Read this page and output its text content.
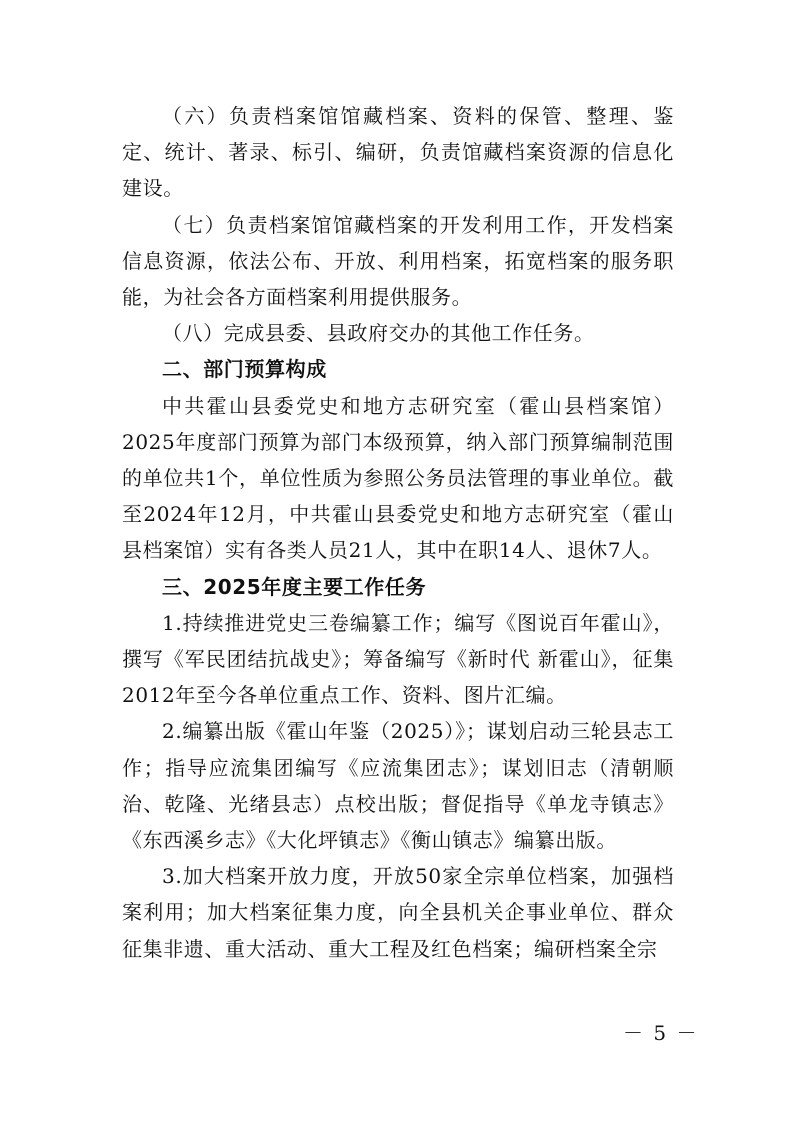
（六）负责档案馆馆藏档案、资料的保管、整理、鉴定、统计、著录、标引、编研，负责馆藏档案资源的信息化建设。

（七）负责档案馆馆藏档案的开发利用工作，开发档案信息资源，依法公布、开放、利用档案，拓宽档案的服务职能，为社会各方面档案利用提供服务。

（八）完成县委、县政府交办的其他工作任务。

二、部门预算构成

中共霍山县委党史和地方志研究室（霍山县档案馆）2025年度部门预算为部门本级预算，纳入部门预算编制范围的单位共1个，单位性质为参照公务员法管理的事业单位。截至2024年12月，中共霍山县委党史和地方志研究室（霍山县档案馆）实有各类人员21人，其中在职14人、退休7人。

三、2025年度主要工作任务

1.持续推进党史三卷编纂工作；编写《图说百年霍山》，撰写《军民团结抗战史》；筹备编写《新时代 新霍山》，征集2012年至今各单位重点工作、资料、图片汇编。

2.编纂出版《霍山年鉴（2025）》；谋划启动三轮县志工作；指导应流集团编写《应流集团志》；谋划旧志（清朝顺治、乾隆、光绪县志）点校出版；督促指导《单龙寺镇志》《东西溪乡志》《大化坪镇志》《衡山镇志》编纂出版。

3.加大档案开放力度，开放50家全宗单位档案，加强档案利用；加大档案征集力度，向全县机关企事业单位、群众征集非遗、重大活动、重大工程及红色档案；编研档案全宗

－ 5 －
